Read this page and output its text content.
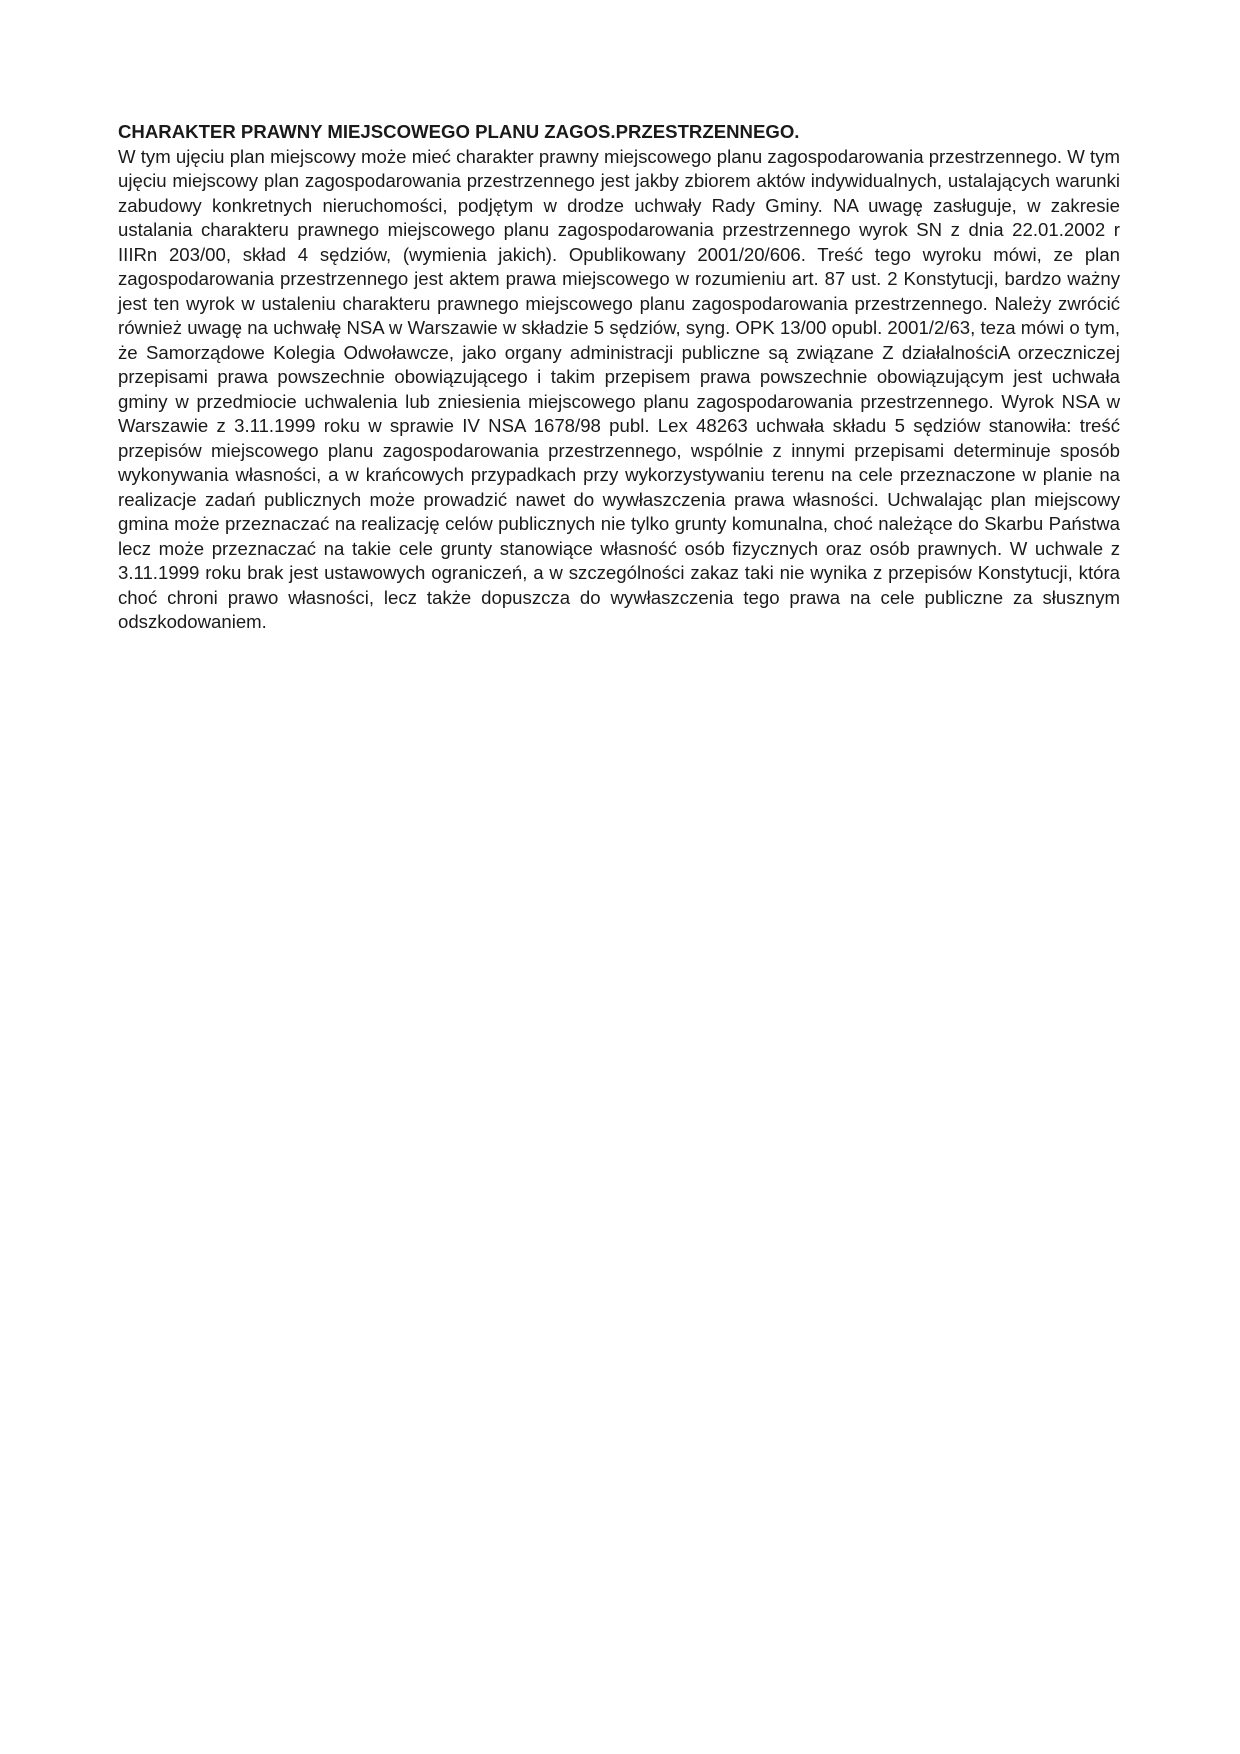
CHARAKTER PRAWNY MIEJSCOWEGO PLANU ZAGOS.PRZESTRZENNEGO.

W tym ujęciu plan miejscowy może mieć charakter prawny miejscowego planu zagospodarowania przestrzennego. W tym ujęciu miejscowy plan zagospodarowania przestrzennego jest jakby zbiorem aktów indywidualnych, ustalających warunki zabudowy konkretnych nieruchomości, podjętym w drodze uchwały Rady Gminy. NA uwagę zasługuje, w zakresie ustalania charakteru prawnego miejscowego planu zagospodarowania przestrzennego wyrok SN z dnia 22.01.2002 r IIIRn 203/00, skład 4 sędziów, (wymienia jakich). Opublikowany 2001/20/606. Treść tego wyroku mówi, ze plan zagospodarowania przestrzennego jest aktem prawa miejscowego w rozumieniu art. 87 ust. 2 Konstytucji, bardzo ważny jest ten wyrok w ustaleniu charakteru prawnego miejscowego planu zagospodarowania przestrzennego. Należy zwrócić również uwagę na uchwałę NSA w Warszawie w składzie 5 sędziów, syng. OPK 13/00 opubl. 2001/2/63, teza mówi o tym, że Samorządowe Kolegia Odwoławcze, jako organy administracji publiczne są związane Z działalnościA orzeczniczej przepisami prawa powszechnie obowiązującego i takim przepisem prawa powszechnie obowiązującym jest uchwała gminy w przedmiocie uchwalenia lub zniesienia miejscowego planu zagospodarowania przestrzennego. Wyrok NSA w Warszawie z 3.11.1999 roku w sprawie IV NSA 1678/98 publ. Lex 48263 uchwała składu 5 sędziów stanowiła: treść przepisów miejscowego planu zagospodarowania przestrzennego, wspólnie z innymi przepisami determinuje sposób wykonywania własności, a w krańcowych przypadkach przy wykorzystywaniu terenu na cele przeznaczone w planie na realizacje zadań publicznych może prowadzić nawet do wywłaszczenia prawa własności. Uchwalając plan miejscowy gmina może przeznaczać na realizację celów publicznych nie tylko grunty komunalna, choć należące do Skarbu Państwa lecz może przeznaczać na takie cele grunty stanowiące własność osób fizycznych oraz osób prawnych. W uchwale z 3.11.1999 roku brak jest ustawowych ograniczeń, a w szczególności zakaz taki nie wynika z przepisów Konstytucji, która choć chroni prawo własności, lecz także dopuszcza do wywłaszczenia tego prawa na cele publiczne za słusznym odszkodowaniem.
